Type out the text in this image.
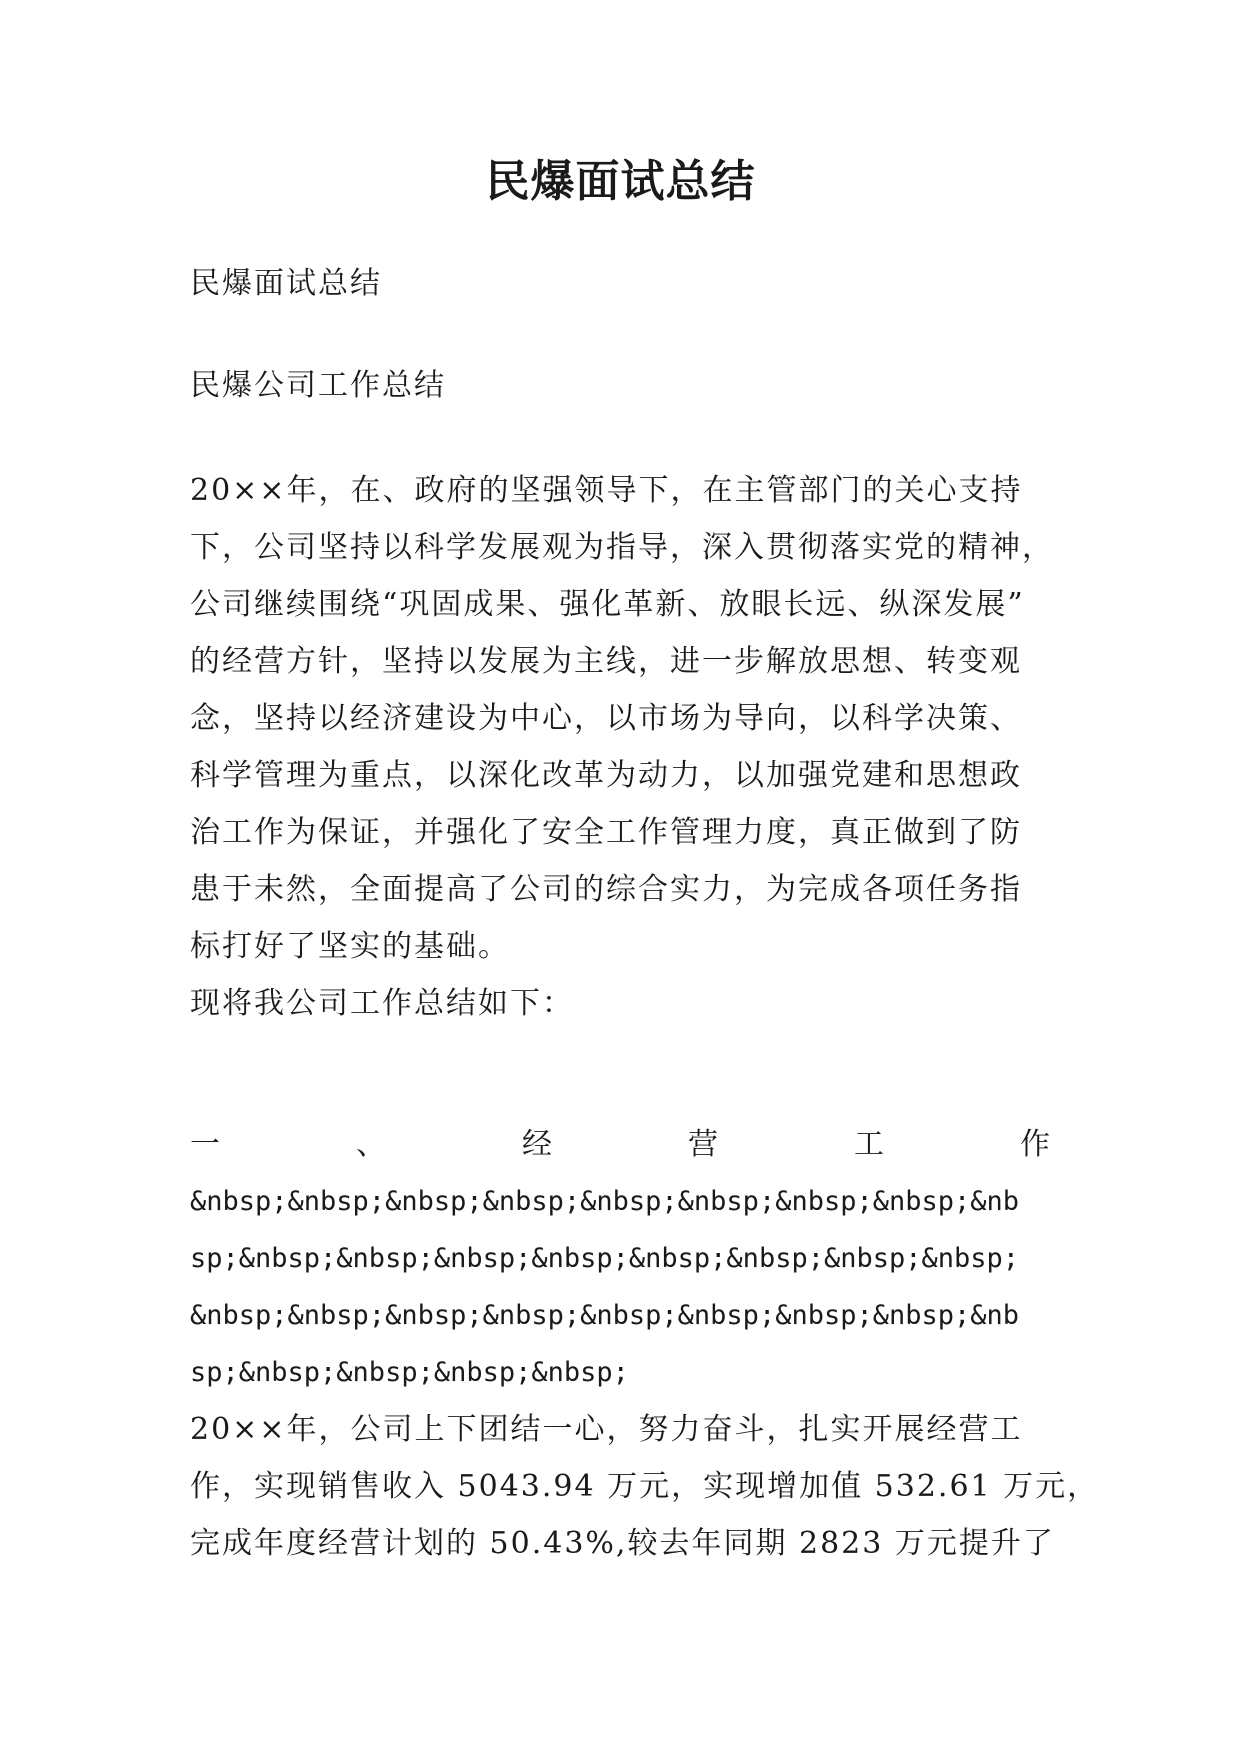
民爆面试总结
民爆面试总结
民爆公司工作总结
20××年，在、政府的坚强领导下，在主管部门的关心支持
下，公司坚持以科学发展观为指导，深入贯彻落实党的精神，
公司继续围绕“巩固成果、强化革新、放眼长远、纵深发展”
的经营方针，坚持以发展为主线，进一步解放思想、转变观
念，坚持以经济建设为中心，以市场为导向，以科学决策、
科学管理为重点，以深化改革为动力，以加强党建和思想政
治工作为保证，并强化了安全工作管理力度，真正做到了防
患于未然，全面提高了公司的综合实力，为完成各项任务指
标打好了坚实的基础。
现将我公司工作总结如下：
一	、	经	营	工	作
&nbsp;&nbsp;&nbsp;&nbsp;&nbsp;&nbsp;&nbsp;&nbsp;&nb
sp;&nbsp;&nbsp;&nbsp;&nbsp;&nbsp;&nbsp;&nbsp;&nbsp;
&nbsp;&nbsp;&nbsp;&nbsp;&nbsp;&nbsp;&nbsp;&nbsp;&nb
sp;&nbsp;&nbsp;&nbsp;&nbsp;
20××年，公司上下团结一心，努力奋斗，扎实开展经营工
作，实现销售收入 5043.94 万元，实现增加值 532.61 万元，
完成年度经营计划的 50.43%,较去年同期 2823 万元提升了
